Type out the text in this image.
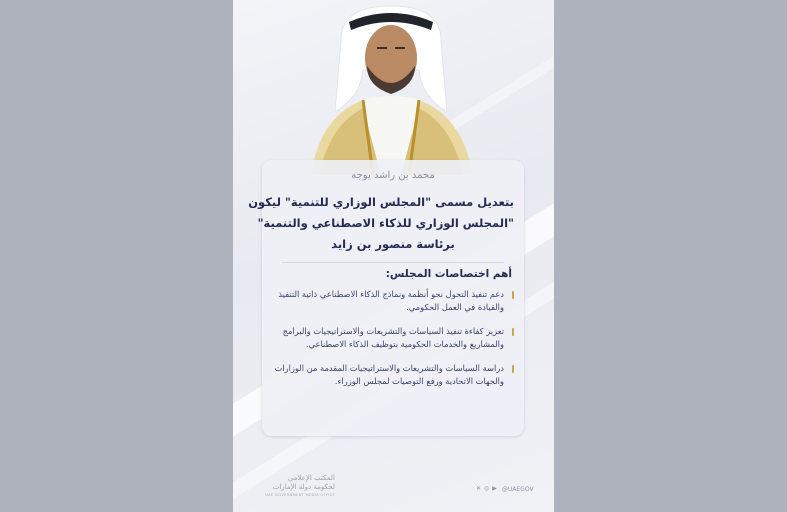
محمد بن راشد يوجه
بتعديل مسمى "المجلس الوزاري للتنمية" ليكون
"المجلس الوزاري للذكاء الاصطناعي والتنمية"
برئاسة منصور بن زايد
أهم اختصاصات المجلس:
دعم تنفيذ التحول نحو أنظمة ونماذج الذكاء الاصطناعي ذاتية التنفيذ والقيادة في العمل الحكومي.
تعزيز كفاءة تنفيذ السياسات والتشريعات والاستراتيجيات والبرامج والمشاريع والخدمات الحكومية بتوظيف الذكاء الاصطناعي.
دراسة السياسات والتشريعات والاستراتيجيات المقدمة من الوزارات والجهات الاتحادية ورفع التوصيات لمجلس الوزراء.
المكتب الإعلامي
لحكومة دولة الإمارات
UAE GOVERNMENT MEDIA OFFICE
✕ ◎ ▶ @UAEGOV
